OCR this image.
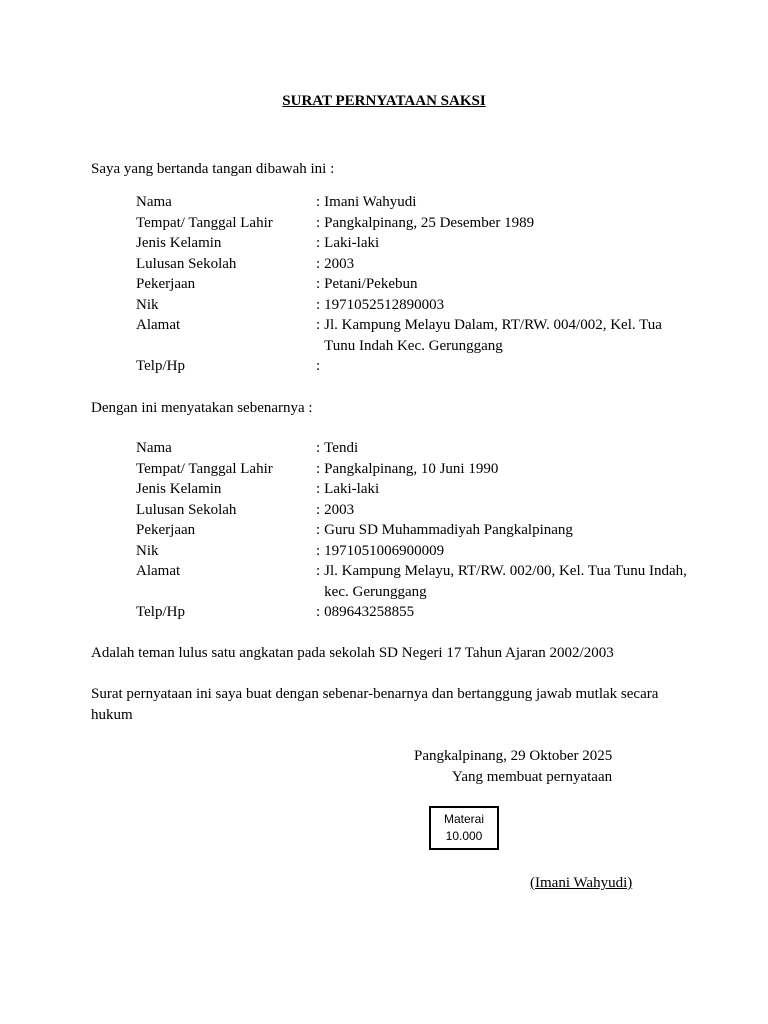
SURAT PERNYATAAN SAKSI
Saya yang bertanda tangan dibawah ini :
Nama	: Imani Wahyudi
Tempat/ Tanggal Lahir	: Pangkalpinang, 25 Desember 1989
Jenis Kelamin	: Laki-laki
Lulusan Sekolah	: 2003
Pekerjaan	: Petani/Pekebun
Nik	: 1971052512890003
Alamat	: Jl. Kampung Melayu Dalam, RT/RW. 004/002, Kel. Tua Tunu Indah Kec. Gerunggang
Telp/Hp	:
Dengan ini menyatakan sebenarnya :
Nama	: Tendi
Tempat/ Tanggal Lahir	: Pangkalpinang, 10 Juni 1990
Jenis Kelamin	: Laki-laki
Lulusan Sekolah	: 2003
Pekerjaan	: Guru SD Muhammadiyah Pangkalpinang
Nik	: 1971051006900009
Alamat	: Jl. Kampung Melayu, RT/RW. 002/00, Kel. Tua Tunu Indah, kec. Gerunggang
Telp/Hp	: 089643258855
Adalah teman lulus satu angkatan pada sekolah SD Negeri 17 Tahun Ajaran 2002/2003
Surat pernyataan ini saya buat dengan sebenar-benarnya dan bertanggung jawab mutlak secara hukum
Pangkalpinang, 29 Oktober 2025
Yang membuat pernyataan
Materai
10.000
(Imani Wahyudi)
